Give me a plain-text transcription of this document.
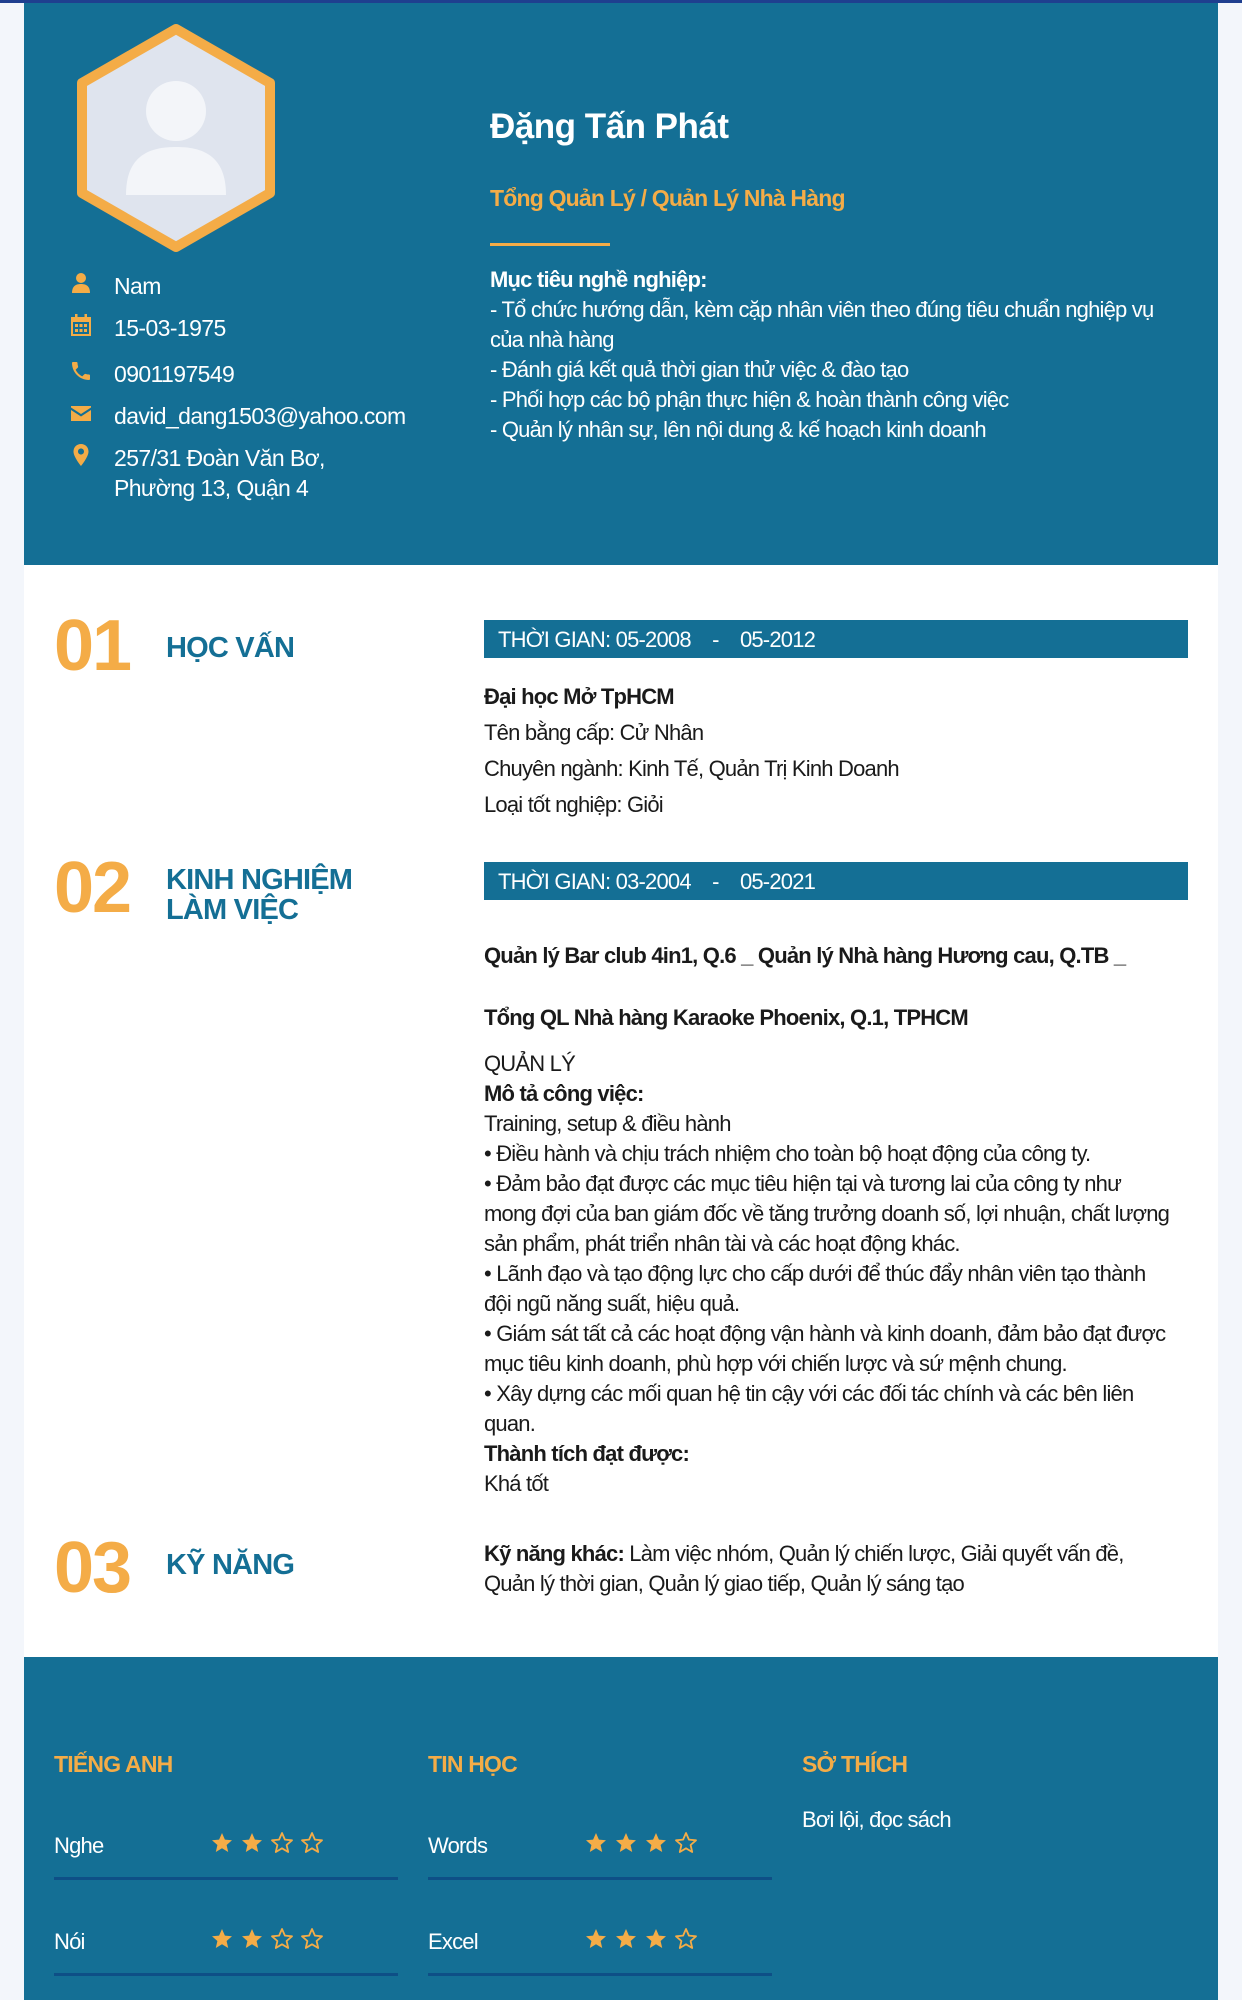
Nam
15-03-1975
0901197549
david_dang1503@yahoo.com
257/31 Đoàn Văn Bơ,
Phường 13, Quận 4
Đặng Tấn Phát
Tổng Quản Lý / Quản Lý Nhà Hàng
Mục tiêu nghề nghiệp:
- Tổ chức hướng dẫn, kèm cặp nhân viên theo đúng tiêu chuẩn nghiệp vụ
của nhà hàng
- Đánh giá kết quả thời gian thử việc & đào tạo
- Phối hợp các bộ phận thực hiện & hoàn thành công việc
- Quản lý nhân sự, lên nội dung & kế hoạch kinh doanh
01 HỌC VẤN	THỜI GIAN: 05-2008 - 05-2012

Đại học Mở TpHCM

Tên bằng cấp: Cử Nhân

Chuyên ngành: Kinh Tế, Quản Trị Kinh Doanh

Loại tốt nghiệp: Giỏi

02 KINH NGHIỆM
LÀM VIỆC
THỜI GIAN: 03-2004 - 05-2021
Quản lý Bar club 4in1, Q.6 _ Quản lý Nhà hàng Hương cau, Q.TB _
Tổng QL Nhà hàng Karaoke Phoenix, Q.1, TPHCM
QUẢN LÝ
Mô tả công việc:
Training, setup & điều hành
• Điều hành và chịu trách nhiệm cho toàn bộ hoạt động của công ty.
• Đảm bảo đạt được các mục tiêu hiện tại và tương lai của công ty như
mong đợi của ban giám đốc về tăng trưởng doanh số, lợi nhuận, chất lượng
sản phẩm, phát triển nhân tài và các hoạt động khác.
• Lãnh đạo và tạo động lực cho cấp dưới để thúc đẩy nhân viên tạo thành
đội ngũ năng suất, hiệu quả.
• Giám sát tất cả các hoạt động vận hành và kinh doanh, đảm bảo đạt được
mục tiêu kinh doanh, phù hợp với chiến lược và sứ mệnh chung.
• Xây dựng các mối quan hệ tin cậy với các đối tác chính và các bên liên
quan.
Thành tích đạt được:
Khá tốt
03 KỸ NĂNG	Kỹ năng khác: Làm việc nhóm, Quản lý chiến lược, Giải quyết vấn đề,
Quản lý thời gian, Quản lý giao tiếp, Quản lý sáng tạo
TIẾNG ANH
Nghe
Nói
TIN HỌC
Words
Excel
SỞ THÍCH
Bơi lội, đọc sách
